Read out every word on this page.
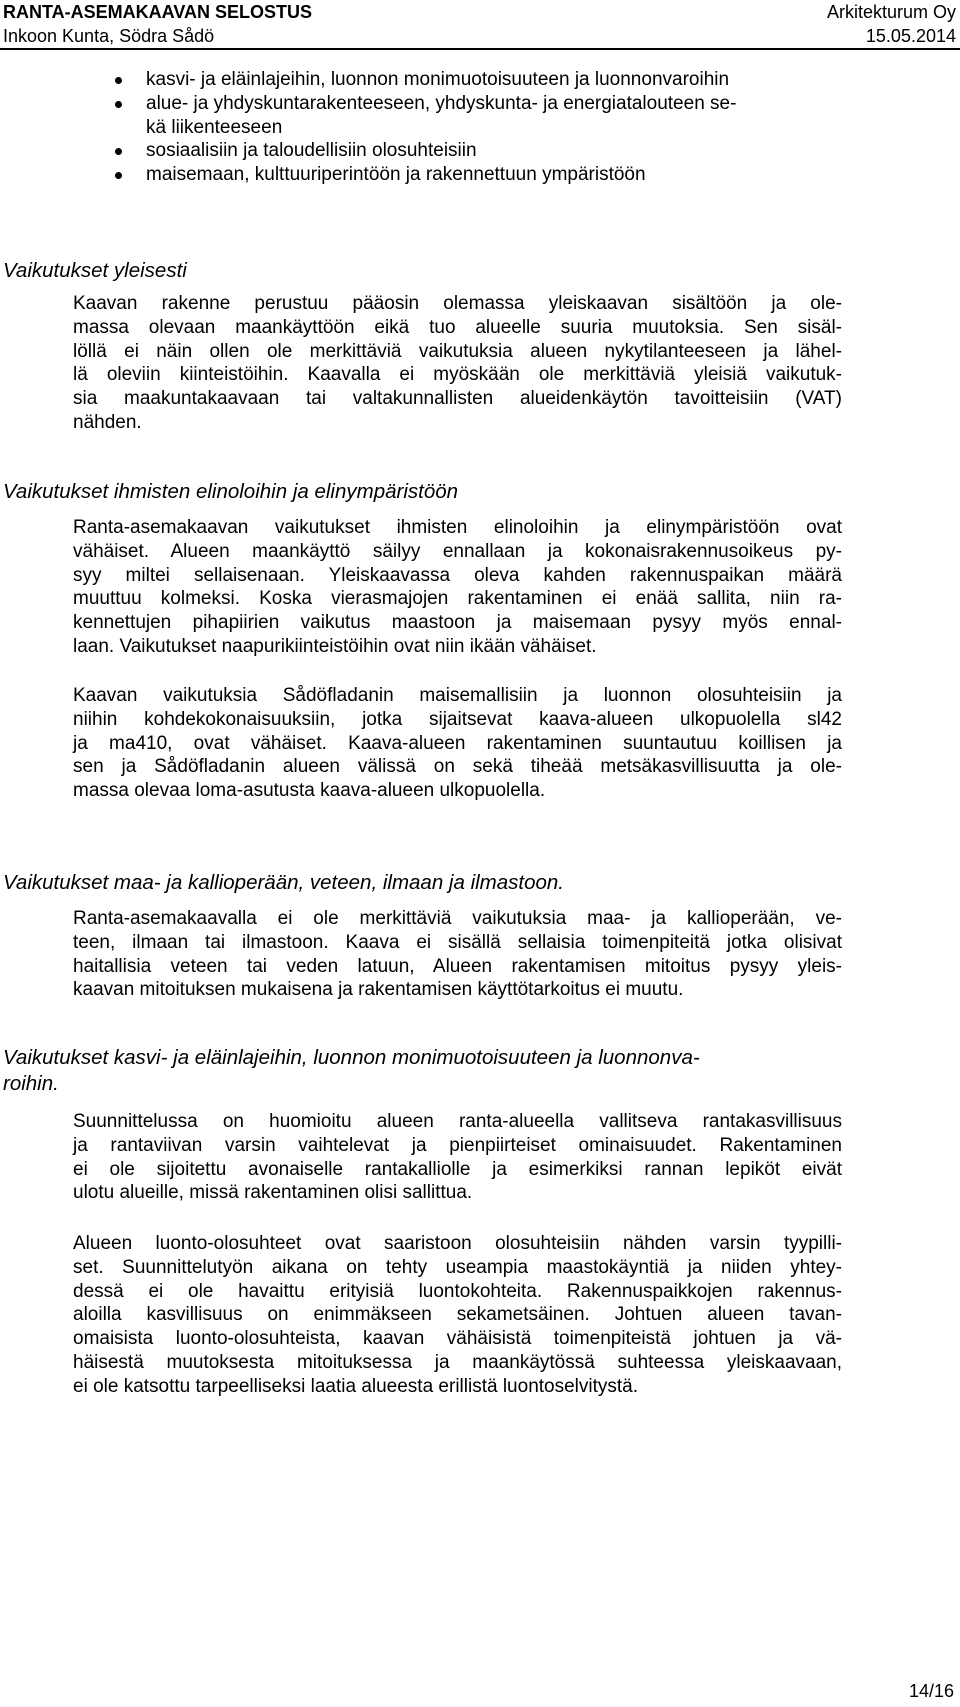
RANTA-ASEMAKAAVAN SELOSTUS
Inkoon Kunta, Södra Sådö
Arkitekturum Oy
15.05.2014
kasvi- ja eläinlajeihin, luonnon monimuotoisuuteen ja luonnonvaroihin
alue- ja yhdyskuntarakenteeseen, yhdyskunta- ja energiatalouteen se-
kä liikenteeseen
sosiaalisiin ja taloudellisiin olosuhteisiin
maisemaan, kulttuuriperintöön ja rakennettuun ympäristöön
Vaikutukset yleisesti
Kaavan rakenne perustuu pääosin olemassa yleiskaavan sisältöön ja ole-
massa olevaan maankäyttöön eikä tuo alueelle suuria muutoksia. Sen sisäl-
löllä ei näin ollen ole merkittäviä vaikutuksia alueen nykytilanteeseen ja lähel-
lä oleviin kiinteistöihin. Kaavalla ei myöskään ole merkittäviä yleisiä vaikutuk-
sia maakuntakaavaan tai valtakunnallisten alueidenkäytön tavoitteisiin (VAT)
nähden.
Vaikutukset ihmisten elinoloihin ja elinympäristöön
Ranta-asemakaavan vaikutukset ihmisten elinoloihin ja elinympäristöön ovat
vähäiset. Alueen maankäyttö säilyy ennallaan ja kokonaisrakennusoikeus py-
syy miltei sellaisenaan. Yleiskaavassa oleva kahden rakennuspaikan määrä
muuttuu kolmeksi. Koska vierasmajojen rakentaminen ei enää sallita, niin ra-
kennettujen pihapiirien vaikutus maastoon ja maisemaan pysyy myös ennal-
laan. Vaikutukset naapurikiinteistöihin ovat niin ikään vähäiset.
Kaavan vaikutuksia Sådöfladanin maisemallisiin ja luonnon olosuhteisiin ja
niihin kohdekokonaisuuksiin, jotka sijaitsevat kaava-alueen ulkopuolella sl42
ja ma410, ovat vähäiset. Kaava-alueen rakentaminen suuntautuu koillisen ja
sen ja Sådöfladanin alueen välissä on sekä tiheää metsäkasvillisuutta ja ole-
massa olevaa loma-asutusta kaava-alueen ulkopuolella.
Vaikutukset maa- ja kallioperään, veteen, ilmaan ja ilmastoon.
Ranta-asemakaavalla ei ole merkittäviä vaikutuksia maa- ja kallioperään, ve-
teen, ilmaan tai ilmastoon. Kaava ei sisällä sellaisia toimenpiteitä jotka olisivat
haitallisia veteen tai veden latuun, Alueen rakentamisen mitoitus pysyy yleis-
kaavan mitoituksen mukaisena ja rakentamisen käyttötarkoitus ei muutu.
Vaikutukset kasvi- ja eläinlajeihin, luonnon monimuotoisuuteen ja luonnonva-
roihin.
Suunnittelussa on huomioitu alueen ranta-alueella vallitseva rantakasvillisuus
ja rantaviivan varsin vaihtelevat ja pienpiirteiset ominaisuudet. Rakentaminen
ei ole sijoitettu avonaiselle rantakalliolle ja esimerkiksi rannan lepiköt eivät
ulotu alueille, missä rakentaminen olisi sallittua.
Alueen luonto-olosuhteet ovat saaristoon olosuhteisiin nähden varsin tyypilli-
set. Suunnittelutyön aikana on tehty useampia maastokäyntiä ja niiden yhtey-
dessä ei ole havaittu erityisiä luontokohteita. Rakennuspaikkojen rakennus-
aloilla kasvillisuus on enimmäkseen sekametsäinen. Johtuen alueen tavan-
omaisista luonto-olosuhteista, kaavan vähäisistä toimenpiteistä johtuen ja vä-
häisestä muutoksesta mitoituksessa ja maankäytössä suhteessa yleiskaavaan,
ei ole katsottu tarpeelliseksi laatia alueesta erillistä luontoselvitystä.
14/16
